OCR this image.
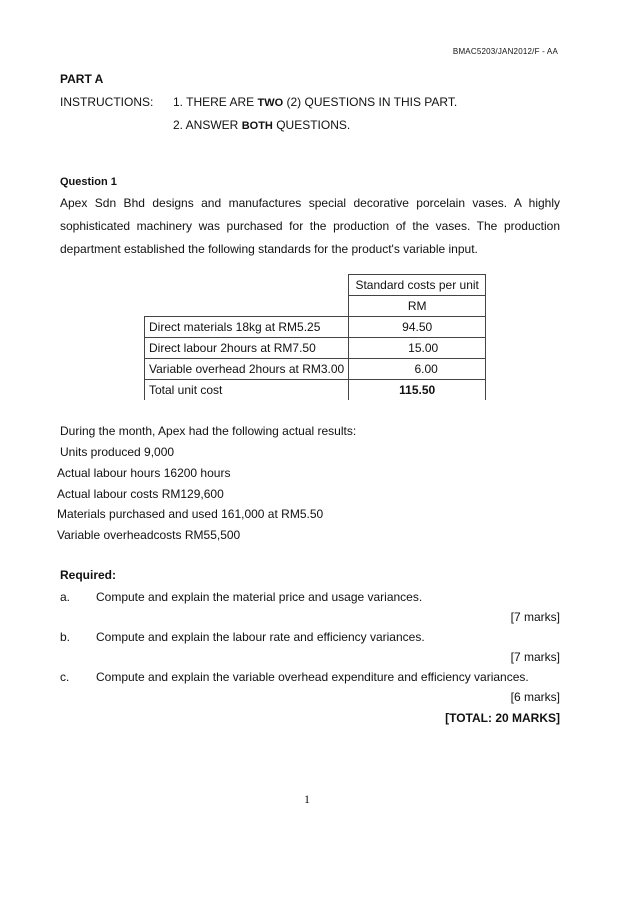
BMAC5203/JAN2012/F - AA
PART A
INSTRUCTIONS: 1. THERE ARE TWO (2) QUESTIONS IN THIS PART.
2. ANSWER BOTH QUESTIONS.
Question 1
Apex Sdn Bhd designs and manufactures special decorative porcelain vases. A highly
sophisticated machinery was purchased for the production of the vases. The production
department established the following standards for the product's variable input.
	Standard costs per unit
	RM
Direct materials 18kg at RM5.25	94.50
Direct labour 2hours at RM7.50	15.00
Variable overhead 2hours at RM3.00	6.00
Total unit cost	115.50
During the month, Apex had the following actual results:
Units produced 9,000
Actual labour hours 16200 hours
Actual labour costs RM129,600
Materials purchased and used 161,000 at RM5.50
Variable overheadcosts RM55,500
Required:
a. Compute and explain the material price and usage variances.
[7 marks]
b. Compute and explain the labour rate and efficiency variances.
[7 marks]
c. Compute and explain the variable overhead expenditure and efficiency variances.
[6 marks]
[TOTAL: 20 MARKS]
1
